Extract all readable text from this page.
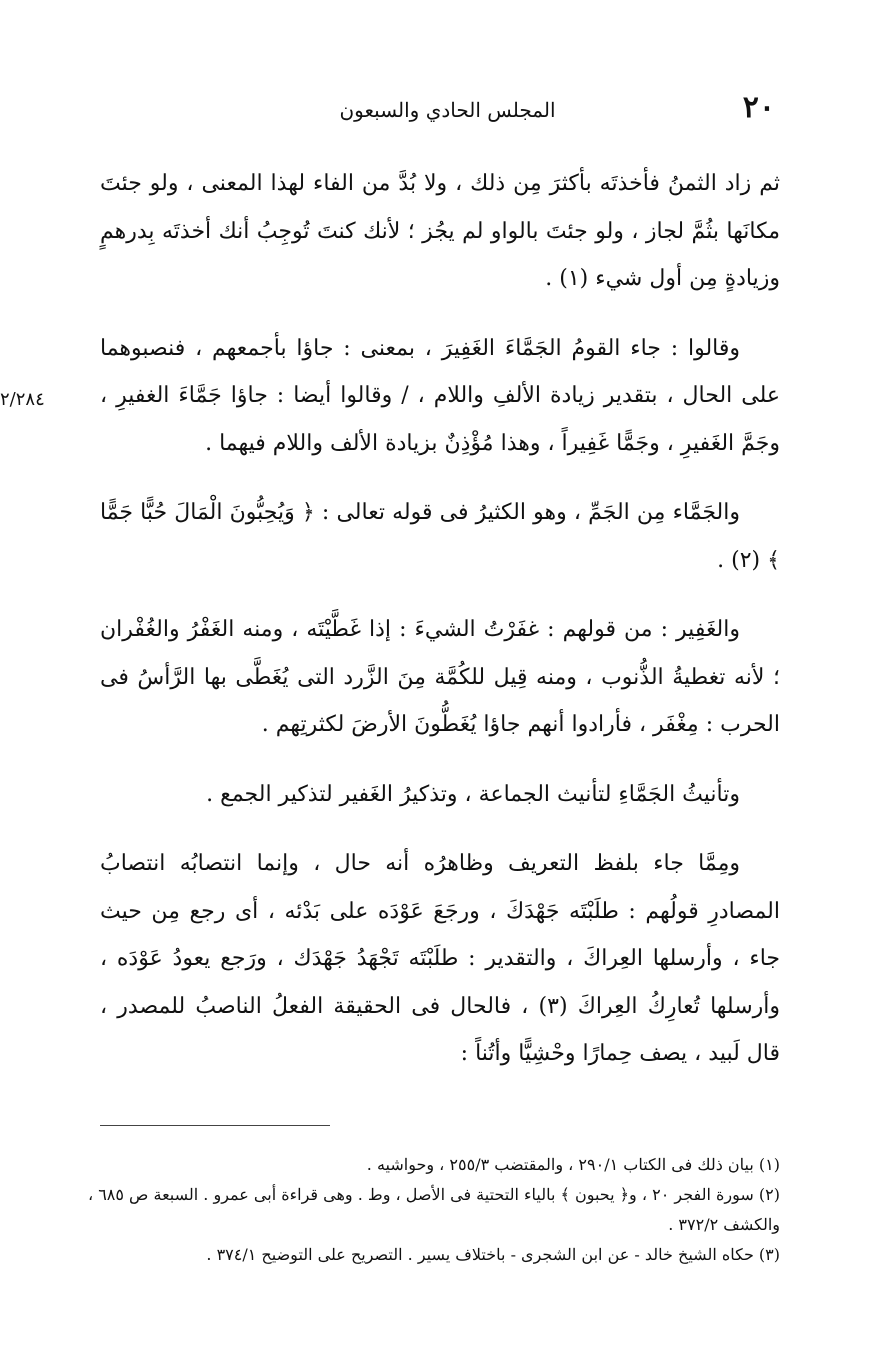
٢٠
المجلس الحادي والسبعون
٢/٢٨٤

ثم زاد الثمنُ فأخذتَه بأكثرَ مِن ذلك ، ولا بُدَّ من الفاء لهذا المعنى ، ولو جئتَ مكانَها بثُمَّ لجاز ، ولو جئتَ بالواو لم يجُز ؛ لأنك كنتَ تُوجِبُ أنك أخذتَه بِدرهمٍ وزيادةٍ مِن أول شيء (١) .

وقالوا : جاء القومُ الجَمَّاءَ الغَفِيرَ ، بمعنى : جاؤا بأجمعهم ، فنصبوهما على الحال ، بتقدير زيادة الألفِ واللام ، / وقالوا أيضا : جاؤا جَمَّاءَ الغفيرِ ، وجَمَّ الغَفيرِ ، وجَمًّا غَفِيراً ، وهذا مُؤْذِنٌ بزيادة الألف واللام فيهما .

والجَمَّاء مِن الجَمِّ ، وهو الكثيرُ فى قوله تعالى : ﴿ وَيُحِبُّونَ الْمَالَ حُبًّا جَمًّا ﴾ (٢) .

والغَفِير : من قولهم : غفَرْتُ الشيءَ : إذا غَطَّيْتَه ، ومنه الغَفْرُ والغُفْران ؛ لأنه تغطيةُ الذُّنوب ، ومنه قِيل للكُمَّة مِنَ الزَّرد التى يُغَطَّى بها الرَّأسُ فى الحرب : مِغْفَر ، فأرادوا أنهم جاؤا يُغَطُّونَ الأرضَ لكثرتِهم .

وتأنيثُ الجَمَّاءِ لتأنيث الجماعة ، وتذكيرُ الغَفير لتذكير الجمع .

ومِمَّا جاء بلفظ التعريف وظاهرُه أنه حال ، وإنما انتصابُه انتصابُ المصادرِ قولُهم : طلَبْتَه جَهْدَكَ ، ورجَعَ عَوْدَه على بَدْئه ، أى رجع مِن حيث جاء ، وأرسلها العِراكَ ، والتقدير : طلَبْتَه تَجْهَدُ جَهْدَك ، ورَجع يعودُ عَوْدَه ، وأرسلها تُعارِكُ العِراكَ (٣) ، فالحال فى الحقيقة الفعلُ الناصبُ للمصدر ، قال لَبيد ، يصف حِمارًا وحْشِيًّا وأتُناً :

(١) بيان ذلك فى الكتاب ٢٩٠/١ ، والمقتضب ٢٥٥/٣ ، وحواشيه .

(٢) سورة الفجر ٢٠ ، و﴿ يحبون ﴾ بالياء التحتية فى الأصل ، وط . وهى قراءة أبى عمرو . السبعة ص ٦٨٥ ، والكشف ٣٧٢/٢ .

(٣) حكاه الشيخ خالد - عن ابن الشجرى - باختلاف يسير . التصريح على التوضيح ٣٧٤/١ .
